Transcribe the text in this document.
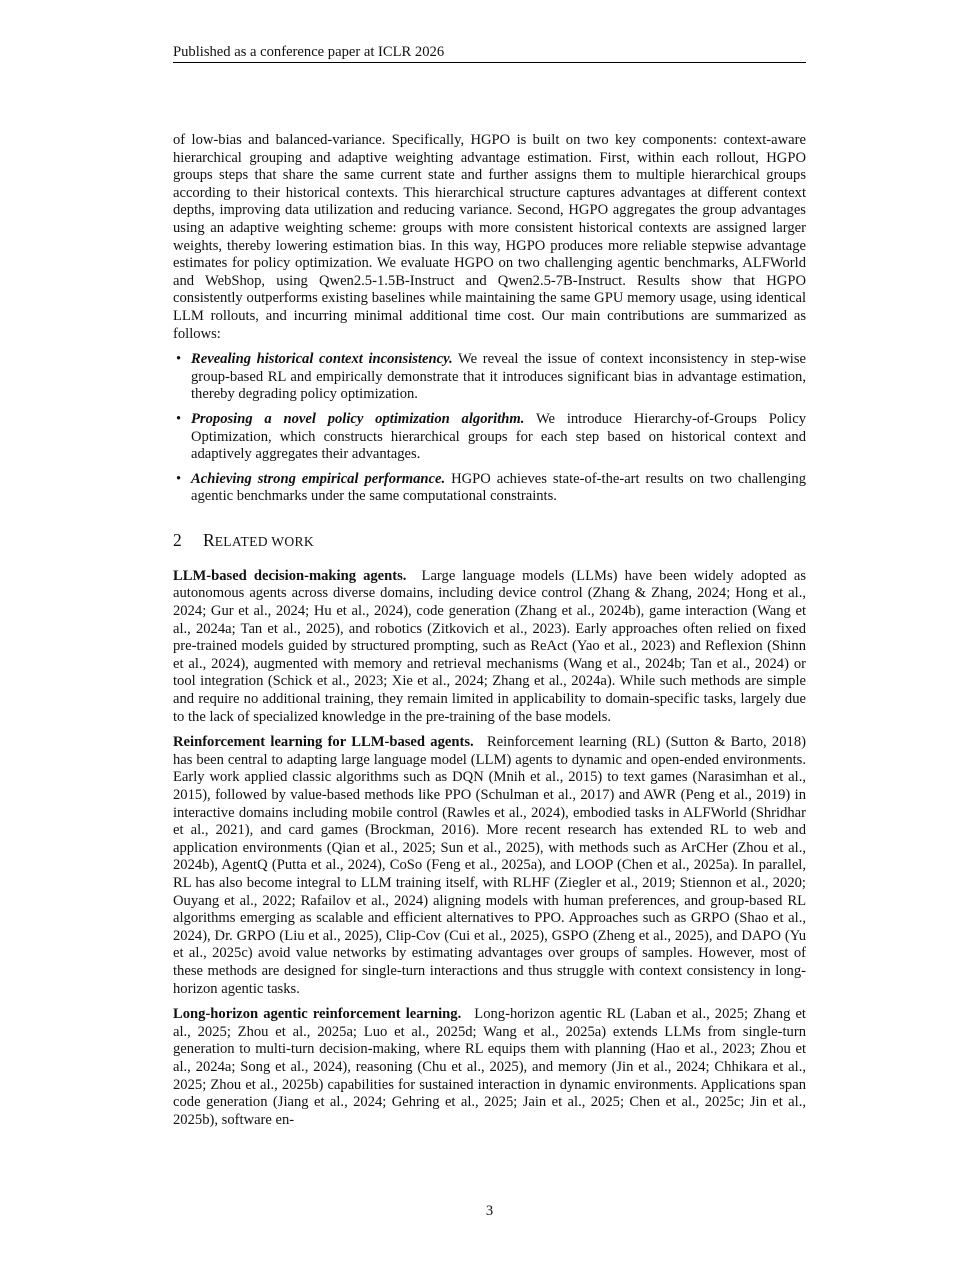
Published as a conference paper at ICLR 2026

of low-bias and balanced-variance. Specifically, HGPO is built on two key components: context-aware hierarchical grouping and adaptive weighting advantage estimation. First, within each rollout, HGPO groups steps that share the same current state and further assigns them to multiple hierarchical groups according to their historical contexts. This hierarchical structure captures advantages at different context depths, improving data utilization and reducing variance. Second, HGPO aggregates the group advantages using an adaptive weighting scheme: groups with more consistent historical contexts are assigned larger weights, thereby lowering estimation bias. In this way, HGPO produces more reliable stepwise advantage estimates for policy optimization. We evaluate HGPO on two challenging agentic benchmarks, ALFWorld and WebShop, using Qwen2.5-1.5B-Instruct and Qwen2.5-7B-Instruct. Results show that HGPO consistently outperforms existing baselines while maintaining the same GPU memory usage, using identical LLM rollouts, and incurring minimal additional time cost. Our main contributions are summarized as follows:

• Revealing historical context inconsistency. We reveal the issue of context inconsistency in step-wise group-based RL and empirically demonstrate that it introduces significant bias in advantage estimation, thereby degrading policy optimization.
• Proposing a novel policy optimization algorithm. We introduce Hierarchy-of-Groups Policy Optimization, which constructs hierarchical groups for each step based on historical context and adaptively aggregates their advantages.
• Achieving strong empirical performance. HGPO achieves state-of-the-art results on two challenging agentic benchmarks under the same computational constraints.
2 RELATED WORK

LLM-based decision-making agents. Large language models (LLMs) have been widely adopted as autonomous agents across diverse domains, including device control (Zhang & Zhang, 2024; Hong et al., 2024; Gur et al., 2024; Hu et al., 2024), code generation (Zhang et al., 2024b), game interaction (Wang et al., 2024a; Tan et al., 2025), and robotics (Zitkovich et al., 2023). Early approaches often relied on fixed pre-trained models guided by structured prompting, such as ReAct (Yao et al., 2023) and Reflexion (Shinn et al., 2024), augmented with memory and retrieval mechanisms (Wang et al., 2024b; Tan et al., 2024) or tool integration (Schick et al., 2023; Xie et al., 2024; Zhang et al., 2024a). While such methods are simple and require no additional training, they remain limited in applicability to domain-specific tasks, largely due to the lack of specialized knowledge in the pre-training of the base models.

Reinforcement learning for LLM-based agents. Reinforcement learning (RL) (Sutton & Barto, 2018) has been central to adapting large language model (LLM) agents to dynamic and open-ended environments. Early work applied classic algorithms such as DQN (Mnih et al., 2015) to text games (Narasimhan et al., 2015), followed by value-based methods like PPO (Schulman et al., 2017) and AWR (Peng et al., 2019) in interactive domains including mobile control (Rawles et al., 2024), embodied tasks in ALFWorld (Shridhar et al., 2021), and card games (Brockman, 2016). More recent research has extended RL to web and application environments (Qian et al., 2025; Sun et al., 2025), with methods such as ArCHer (Zhou et al., 2024b), AgentQ (Putta et al., 2024), CoSo (Feng et al., 2025a), and LOOP (Chen et al., 2025a). In parallel, RL has also become integral to LLM training itself, with RLHF (Ziegler et al., 2019; Stiennon et al., 2020; Ouyang et al., 2022; Rafailov et al., 2024) aligning models with human preferences, and group-based RL algorithms emerging as scalable and efficient alternatives to PPO. Approaches such as GRPO (Shao et al., 2024), Dr. GRPO (Liu et al., 2025), Clip-Cov (Cui et al., 2025), GSPO (Zheng et al., 2025), and DAPO (Yu et al., 2025c) avoid value networks by estimating advantages over groups of samples. However, most of these methods are designed for single-turn interactions and thus struggle with context consistency in long-horizon agentic tasks.

Long-horizon agentic reinforcement learning. Long-horizon agentic RL (Laban et al., 2025; Zhang et al., 2025; Zhou et al., 2025a; Luo et al., 2025d; Wang et al., 2025a) extends LLMs from single-turn generation to multi-turn decision-making, where RL equips them with planning (Hao et al., 2023; Zhou et al., 2024a; Song et al., 2024), reasoning (Chu et al., 2025), and memory (Jin et al., 2024; Chhikara et al., 2025; Zhou et al., 2025b) capabilities for sustained interaction in dynamic environments. Applications span code generation (Jiang et al., 2024; Gehring et al., 2025; Jain et al., 2025; Chen et al., 2025c; Jin et al., 2025b), software en-

3
